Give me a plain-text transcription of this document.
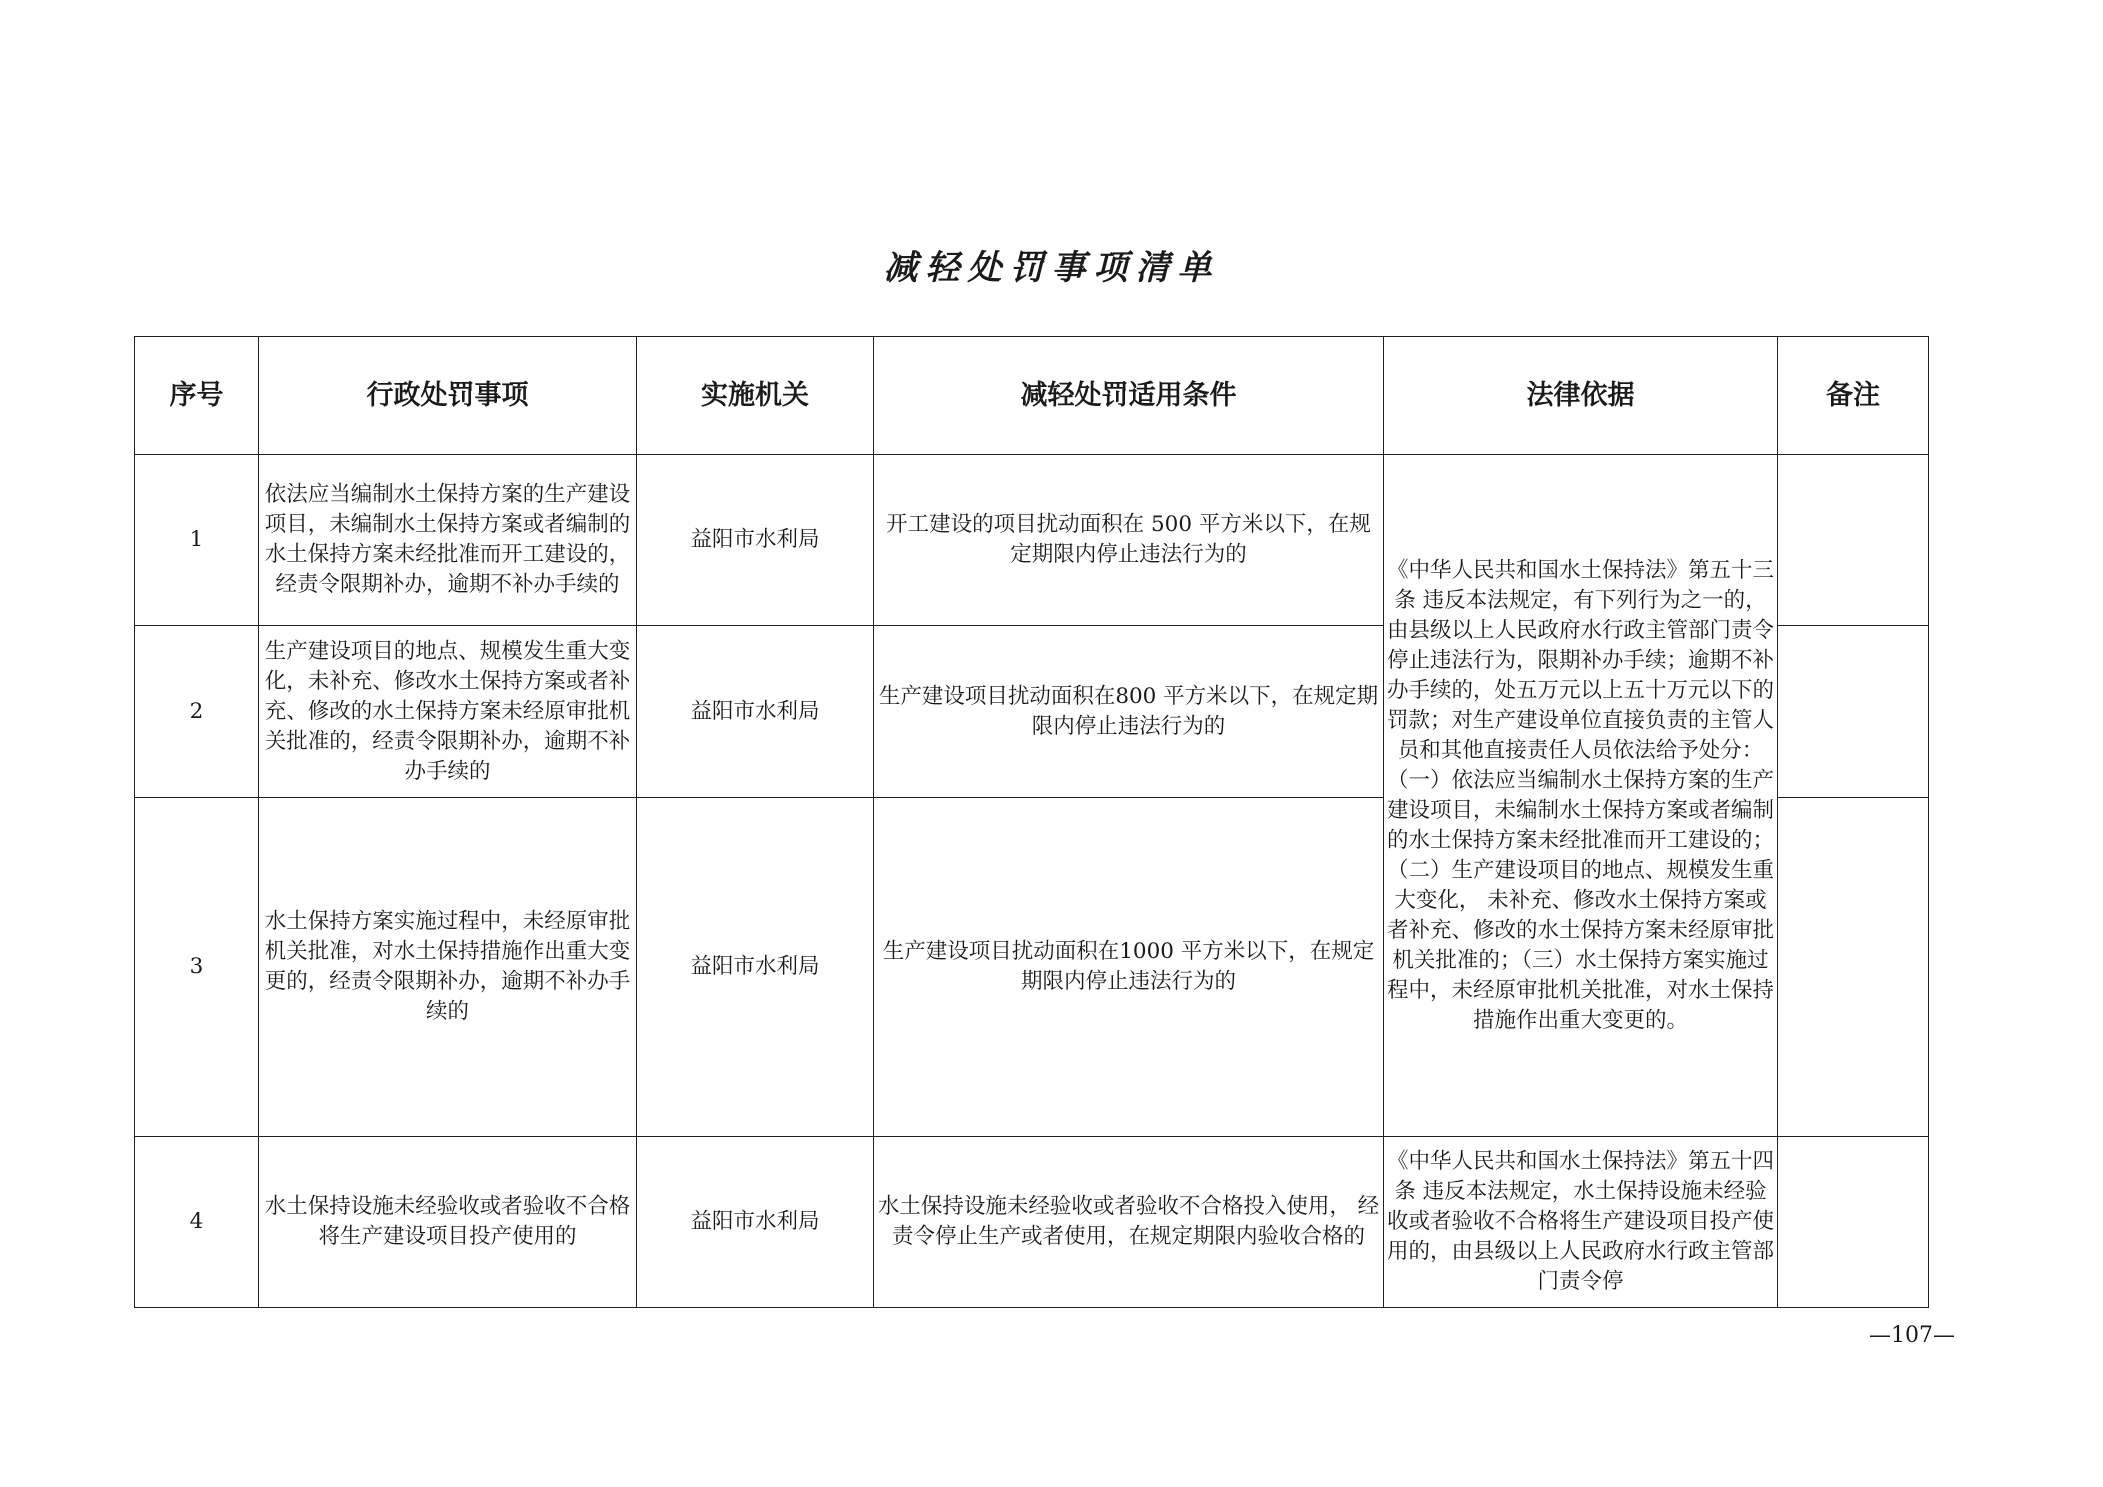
减轻处罚事项清单
序号	行政处罚事项	实施机关	减轻处罚适用条件	法律依据	备注
1	依法应当编制水土保持方案的生产建设项目，未编制水土保持方案或者编制的水土保持方案未经批准而开工建设的，经责令限期补办，逾期不补办手续的	益阳市水利局	开工建设的项目扰动面积在 500 平方米以下，在规定期限内停止违法行为的	《中华人民共和国水土保持法》第五十三条 违反本法规定，有下列行为之一的，由县级以上人民政府水行政主管部门责令停止违法行为，限期补办手续；逾期不补办手续的，处五万元以上五十万元以下的罚款；对生产建设单位直接负责的主管人员和其他直接责任人员依法给予处分：（一）依法应当编制水土保持方案的生产建设项目，未编制水土保持方案或者编制的水土保持方案未经批准而开工建设的；（二）生产建设项目的地点、规模发生重大变化， 未补充、修改水土保持方案或者补充、修改的水土保持方案未经原审批机关批准的；（三）水土保持方案实施过程中，未经原审批机关批准，对水土保持措施作出重大变更的。	
2	生产建设项目的地点、规模发生重大变化，未补充、修改水土保持方案或者补充、修改的水土保持方案未经原审批机关批准的，经责令限期补办，逾期不补办手续的	益阳市水利局	生产建设项目扰动面积在800 平方米以下，在规定期限内停止违法行为的		
3	水土保持方案实施过程中，未经原审批机关批准，对水土保持措施作出重大变更的，经责令限期补办，逾期不补办手续的	益阳市水利局	生产建设项目扰动面积在1000 平方米以下，在规定期限内停止违法行为的		
4	水土保持设施未经验收或者验收不合格将生产建设项目投产使用的	益阳市水利局	水土保持设施未经验收或者验收不合格投入使用， 经责令停止生产或者使用，在规定期限内验收合格的	《中华人民共和国水土保持法》第五十四条 违反本法规定，水土保持设施未经验收或者验收不合格将生产建设项目投产使用的，由县级以上人民政府水行政主管部门责令停	
—107—
